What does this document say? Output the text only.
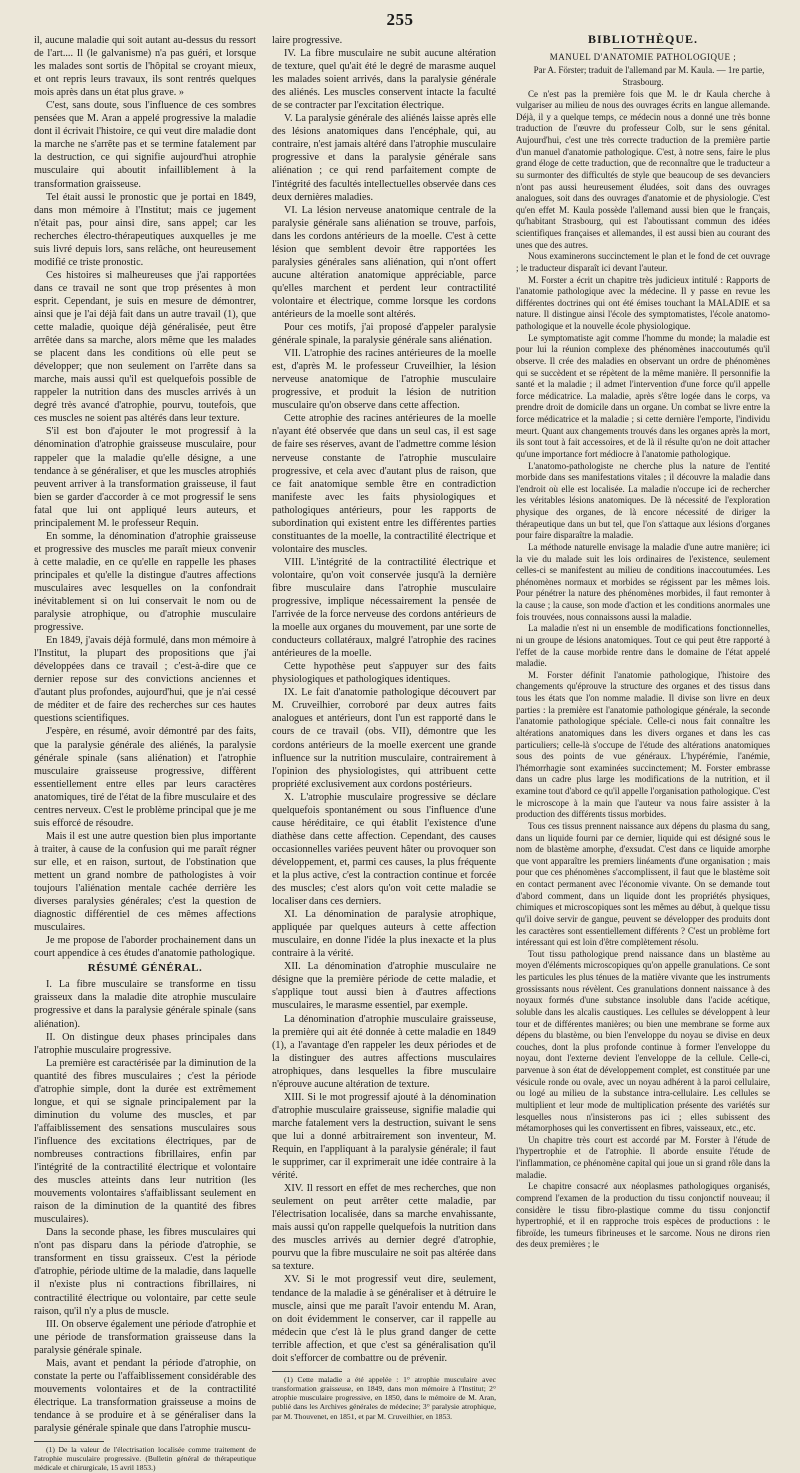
255

il, aucune maladie qui soit autant au-dessus du ressort de l'art.... Il (le galvanisme) n'a pas guéri, et lorsque les malades sont sortis de l'hôpital se croyant mieux, et ont repris leurs travaux, ils sont rentrés quelques mois après dans un état plus grave. »

C'est, sans doute, sous l'influence de ces sombres pensées que M. Aran a appelé progressive la maladie dont il écrivait l'histoire, ce qui veut dire maladie dont la marche ne s'arrête pas et se termine fatalement par la destruction, ce qui signifie aujourd'hui atrophie musculaire qui aboutit infailliblement à la transformation graisseuse.

Tel était aussi le pronostic que je portai en 1849, dans mon mémoire à l'Institut; mais ce jugement n'était pas, pour ainsi dire, sans appel; car les recherches électro-thérapeutiques auxquelles je me suis livré depuis lors, sans relâche, ont heureusement modifié ce triste pronostic.

Ces histoires si malheureuses que j'ai rapportées dans ce travail ne sont que trop présentes à mon esprit. Cependant, je suis en mesure de démontrer, ainsi que je l'ai déjà fait dans un autre travail (1), que cette maladie, quoique déjà généralisée, peut être arrêtée dans sa marche, alors même que les malades se placent dans les conditions où elle peut se développer; que non seulement on l'arrête dans sa marche, mais aussi qu'il est quelquefois possible de rappeler la nutrition dans des muscles arrivés à un degré très avancé d'atrophie, pourvu, toutefois, que ces muscles ne soient pas altérés dans leur texture.

S'il est bon d'ajouter le mot progressif à la dénomination d'atrophie graisseuse musculaire, pour rappeler que la maladie qu'elle désigne, a une tendance à se généraliser, et que les muscles atrophiés peuvent arriver à la transformation graisseuse, il faut bien se garder d'accorder à ce mot progressif le sens fatal que lui ont appliqué leurs auteurs, et principalement M. le professeur Requin.

En somme, la dénomination d'atrophie graisseuse et progressive des muscles me paraît mieux convenir à cette maladie, en ce qu'elle en rappelle les phases principales et qu'elle la distingue d'autres affections musculaires avec lesquelles on la confondrait inévitablement si on lui conservait le nom ou de paralysie atrophique, ou d'atrophie musculaire progressive.

En 1849, j'avais déjà formulé, dans mon mémoire à l'Institut, la plupart des propositions que j'ai développées dans ce travail ; c'est-à-dire que ce dernier repose sur des convictions anciennes et d'autant plus profondes, aujourd'hui, que je n'ai cessé de méditer et de faire des recherches sur ces hautes questions scientifiques.

J'espère, en résumé, avoir démontré par des faits, que la paralysie générale des aliénés, la paralysie générale spinale (sans aliénation) et l'atrophie musculaire graisseuse progressive, diffèrent essentiellement entre elles par leurs caractères anatomiques, tiré de l'état de la fibre musculaire et des centres nerveux. C'est le problème principal que je me suis efforcé de résoudre.

Mais il est une autre question bien plus importante à traiter, à cause de la confusion qui me paraît régner sur elle, et en raison, surtout, de l'obstination que mettent un grand nombre de pathologistes à voir toujours l'aliénation mentale cachée derrière les diverses paralysies générales; c'est la question de diagnostic différentiel de ces mêmes affections musculaires.

Je me propose de l'aborder prochainement dans un court appendice à ces études d'anatomie pathologique.

RÉSUMÉ GÉNÉRAL.

I. La fibre musculaire se transforme en tissu graisseux dans la maladie dite atrophie musculaire progressive et dans la paralysie générale spinale (sans aliénation).

II. On distingue deux phases principales dans l'atrophie musculaire progressive.

La première est caractérisée par la diminution de la quantité des fibres musculaires ; c'est la période d'atrophie simple, dont la durée est extrêmement longue, et qui se signale principalement par la diminution du volume des muscles, et par l'affaiblissement des sensations musculaires sous l'influence des excitations électriques, par de nombreuses contractions fibrillaires, enfin par l'intégrité de la contractilité électrique et volontaire des muscles atteints dans leur nutrition (les mouvements volontaires s'affaiblissant seulement en raison de la diminution de la quantité des fibres musculaires).

Dans la seconde phase, les fibres musculaires qui n'ont pas disparu dans la période d'atrophie, se transforment en tissu graisseux. C'est la période d'atrophie, période ultime de la maladie, dans laquelle il n'existe plus ni contractions fibrillaires, ni contractilité électrique ou volontaire, par cette seule raison, qu'il n'y a plus de muscle.

III. On observe également une période d'atrophie et une période de transformation graisseuse dans la paralysie générale spinale.

Mais, avant et pendant la période d'atrophie, on constate la perte ou l'affaiblissement considérable des mouvements volontaires et de la contractilité électrique. La transformation graisseuse a moins de tendance à se produire et à se généraliser dans la paralysie générale spinale que dans l'atrophie muscu-

(1) De la valeur de l'électrisation localisée comme traitement de l'atrophie musculaire progressive. (Bulletin général de thérapeutique médicale et chirurgicale, 15 avril 1853.)

laire progressive.

IV. La fibre musculaire ne subit aucune altération de texture, quel qu'ait été le degré de marasme auquel les malades soient arrivés, dans la paralysie générale des aliénés. Les muscles conservent intacte la faculté de se contracter par l'excitation électrique.

V. La paralysie générale des aliénés laisse après elle des lésions anatomiques dans l'encéphale, qui, au contraire, n'est jamais altéré dans l'atrophie musculaire progressive et dans la paralysie générale sans aliénation ; ce qui rend parfaitement compte de l'intégrité des facultés intellectuelles observée dans ces deux dernières maladies.

VI. La lésion nerveuse anatomique centrale de la paralysie générale sans aliénation se trouve, parfois, dans les cordons antérieurs de la moelle. C'est à cette lésion que semblent devoir être rapportées les paralysies générales sans aliénation, qui n'ont offert aucune altération anatomique appréciable, parce qu'elles marchent et perdent leur contractilité volontaire et électrique, comme lorsque les cordons antérieurs de la moelle sont altérés.

Pour ces motifs, j'ai proposé d'appeler paralysie générale spinale, la paralysie générale sans aliénation.

VII. L'atrophie des racines antérieures de la moelle est, d'après M. le professeur Cruveilhier, la lésion nerveuse anatomique de l'atrophie musculaire progressive, et produit la lésion de nutrition musculaire qu'on observe dans cette affection.

Cette atrophie des racines antérieures de la moelle n'ayant été observée que dans un seul cas, il est sage de faire ses réserves, avant de l'admettre comme lésion nerveuse constante de l'atrophie musculaire progressive, et cela avec d'autant plus de raison, que ce fait anatomique semble être en contradiction manifeste avec les faits physiologiques et pathologiques antérieurs, pour les rapports de subordination qui existent entre les différentes parties constituantes de la moelle, la contractilité électrique et volontaire des muscles.

VIII. L'intégrité de la contractilité électrique et volontaire, qu'on voit conservée jusqu'à la dernière fibre musculaire dans l'atrophie musculaire progressive, implique nécessairement la pensée de l'arrivée de la force nerveuse des cordons antérieurs de la moelle aux organes du mouvement, par une sorte de conducteurs collatéraux, malgré l'atrophie des racines antérieures de la moelle.

Cette hypothèse peut s'appuyer sur des faits physiologiques et pathologiques identiques.

IX. Le fait d'anatomie pathologique découvert par M. Cruveilhier, corroboré par deux autres faits analogues et antérieurs, dont l'un est rapporté dans le cours de ce travail (obs. VII), démontre que les cordons antérieurs de la moelle exercent une grande influence sur la nutrition musculaire, contrairement à l'opinion des physiologistes, qui attribuent cette propriété exclusivement aux cordons postérieurs.

X. L'atrophie musculaire progressive se déclare quelquefois spontanément ou sous l'influence d'une cause héréditaire, ce qui établit l'existence d'une diathèse dans cette affection. Cependant, des causes occasionnelles variées peuvent hâter ou provoquer son développement, et, parmi ces causes, la plus fréquente et la plus active, c'est la contraction continue et forcée des muscles; c'est alors qu'on voit cette maladie se localiser dans ces derniers.

XI. La dénomination de paralysie atrophique, appliquée par quelques auteurs à cette affection musculaire, en donne l'idée la plus inexacte et la plus contraire à la vérité.

XII. La dénomination d'atrophie musculaire ne désigne que la première période de cette maladie, et s'applique tout aussi bien à d'autres affections musculaires, le marasme essentiel, par exemple.

La dénomination d'atrophie musculaire graisseuse, la première qui ait été donnée à cette maladie en 1849 (1), a l'avantage d'en rappeler les deux périodes et de la distinguer des autres affections musculaires atrophiques, dans lesquelles la fibre musculaire n'éprouve aucune altération de texture.

XIII. Si le mot progressif ajouté à la dénomination d'atrophie musculaire graisseuse, signifie maladie qui marche fatalement vers la destruction, suivant le sens que lui a donné arbitrairement son inventeur, M. Requin, en l'appliquant à la paralysie générale; il faut le supprimer, car il exprimerait une idée contraire à la vérité.

XIV. Il ressort en effet de mes recherches, que non seulement on peut arrêter cette maladie, par l'électrisation localisée, dans sa marche envahissante, mais aussi qu'on rappelle quelquefois la nutrition dans des muscles arrivés au dernier degré d'atrophie, pourvu que la fibre musculaire ne soit pas altérée dans sa texture.

XV. Si le mot progressif veut dire, seulement, tendance de la maladie à se généraliser et à détruire le muscle, ainsi que me paraît l'avoir entendu M. Aran, on doit évidemment le conserver, car il rappelle au médecin que c'est là le plus grand danger de cette terrible affection, et que c'est sa généralisation qu'il doit s'efforcer de combattre ou de prévenir.

(1) Cette maladie a été appelée : 1° atrophie musculaire avec transformation graisseuse, en 1849, dans mon mémoire à l'Institut; 2° atrophie musculaire progressive, en 1850, dans le mémoire de M. Aran, publié dans les Archives générales de médecine; 3° paralysie atrophique, par M. Thouvenet, en 1851, et par M. Cruveilhier, en 1853.

BIBLIOTHÈQUE.
MANUEL D'ANATOMIE PATHOLOGIQUE ;

Par A. Förster; traduit de l'allemand par M. Kaula. — 1re partie, Strasbourg.

Ce n'est pas la première fois que M. le dr Kaula cherche à vulgariser au milieu de nous des ouvrages écrits en langue allemande. Déjà, il y a quelque temps, ce médecin nous a donné une très bonne traduction de l'œuvre du professeur Colb, sur le sens génital. Aujourd'hui, c'est une très correcte traduction de la première partie d'un manuel d'anatomie pathologique. C'est, à notre sens, faire le plus grand éloge de cette traduction, que de reconnaître que le traducteur a su surmonter des difficultés de style que beaucoup de ses devanciers n'ont pas aussi heureusement éludées, soit dans des ouvrages analogues, soit dans des ouvrages d'anatomie et de physiologie. C'est qu'en effet M. Kaula possède l'allemand aussi bien que le français, qu'habitant Strasbourg, qui est l'aboutissant commun des idées scientifiques françaises et allemandes, il est aussi bien au courant des unes que des autres.

Nous examinerons succinctement le plan et le fond de cet ouvrage ; le traducteur disparaît ici devant l'auteur.

M. Forster a écrit un chapitre très judicieux intitulé : Rapports de l'anatomie pathologique avec la médecine. Il y passe en revue les différentes doctrines qui ont été émises touchant la MALADIE et sa nature. Il distingue ainsi l'école des symptomatistes, l'école anatomo-pathologique et la nouvelle école physiologique.

Le symptomatiste agit comme l'homme du monde; la maladie est pour lui la réunion complexe des phénomènes inaccoutumés qu'il observe. Il crée des maladies en observant un ordre de phénomènes qui se succèdent et se répètent de la même manière. Il personnifie la santé et la maladie ; il admet l'intervention d'une force qu'il appelle force médicatrice. La maladie, après s'être logée dans le corps, va prendre droit de domicile dans un organe. Un combat se livre entre la force médicatrice et la maladie ; si cette dernière l'emporte, l'individu meurt. Quant aux changements trouvés dans les organes après la mort, ils sont tout à fait accessoires, et de là il résulte qu'on ne doit attacher qu'une importance fort médiocre à l'anatomie pathologique.

L'anatomo-pathologiste ne cherche plus la nature de l'entité morbide dans ses manifestations vitales ; il découvre la maladie dans l'endroit où elle est localisée. La maladie n'occupe ici de rechercher les véritables lésions anatomiques. De là nécessité de l'exploration physique des organes, de là encore nécessité de diriger la thérapeutique dans un but tel, que l'on s'attaque aux lésions d'organes pour faire disparaître la maladie.

La méthode naturelle envisage la maladie d'une autre manière; ici la vie du malade suit les lois ordinaires de l'existence, seulement celles-ci se manifestent au milieu de conditions inaccoutumées. Les phénomènes normaux et morbides se régissent par les mêmes lois. Pour pénétrer la nature des phénomènes morbides, il faut remonter à la cause ; la cause, son mode d'action et les conditions anormales une fois trouvées, nous connaissons aussi la maladie.

La maladie n'est ni un ensemble de modifications fonctionnelles, ni un groupe de lésions anatomiques. Tout ce qui peut être rapporté à l'effet de la cause morbide rentre dans le domaine de l'état appelé maladie.

M. Forster définit l'anatomie pathologique, l'histoire des changements qu'éprouve la structure des organes et des tissus dans tous les états que l'on nomme maladie. Il divise son livre en deux parties : la première est l'anatomie pathologique générale, la seconde l'anatomie pathologique spéciale. Celle-ci nous fait connaître les altérations anatomiques dans les divers organes et dans les cas particuliers; celle-là s'occupe de l'étude des altérations anatomiques sous des points de vue généraux. L'hypérémie, l'anémie, l'hémorrhagie sont examinées succinctement; M. Forster embrasse dans un cadre plus large les modifications de la nutrition, et il examine tout d'abord ce qu'il appelle l'organisation pathologique. C'est le microscope à la main que l'auteur va nous faire assister à la production des différents tissus morbides.

Tous ces tissus prennent naissance aux dépens du plasma du sang, dans un liquide fourni par ce dernier, liquide qui est désigné sous le nom de blastème amorphe, d'exsudat. C'est dans ce liquide amorphe que vont apparaître les premiers linéaments d'une organisation ; mais pour que ces phénomènes s'accomplissent, il faut que le blastème soit en contact permanent avec l'économie vivante. On se demande tout d'abord comment, dans un liquide dont les propriétés physiques, chimiques et microscopiques sont les mêmes au début, à quelque tissu qu'il doive servir de gangue, peuvent se développer des produits dont les caractères sont essentiellement différents ? C'est un problème fort intéressant qui est loin d'être complètement résolu.

Tout tissu pathologique prend naissance dans un blastème au moyen d'éléments microscopiques qu'on appelle granulations. Ce sont les particules les plus ténues de la matière vivante que les instruments grossissants nous révèlent. Ces granulations donnent naissance à des noyaux formés d'une substance insoluble dans l'acide acétique, soluble dans les alcalis caustiques. Les cellules se développent à leur tour et de différentes manières; ou bien une membrane se forme aux dépens du blastème, ou bien l'enveloppe du noyau se divise en deux couches, dont la plus profonde continue à former l'enveloppe du noyau, dont l'externe devient l'enveloppe de la cellule. Celle-ci, parvenue à son état de développement complet, est constituée par une vésicule ronde ou ovale, avec un noyau adhérent à la paroi cellulaire, ou logé au milieu de la substance intra-cellulaire. Les cellules se multiplient et leur mode de multiplication présente des variétés sur lesquelles nous n'insisterons pas ici ; elles subissent des métamorphoses qui les convertissent en fibres, vaisseaux, etc., etc.

Un chapitre très court est accordé par M. Forster à l'étude de l'hypertrophie et de l'atrophie. Il aborde ensuite l'étude de l'inflammation, ce phénomène capital qui joue un si grand rôle dans la maladie.

Le chapitre consacré aux néoplasmes pathologiques organisés, comprend l'examen de la production du tissu conjonctif nouveau; il considère le tissu fibro-plastique comme du tissu conjonctif hypertrophié, et il en rapproche trois espèces de productions : le fibroïde, les tumeurs fibrineuses et le sarcome. Nous ne dirons rien des deux premières ; le
